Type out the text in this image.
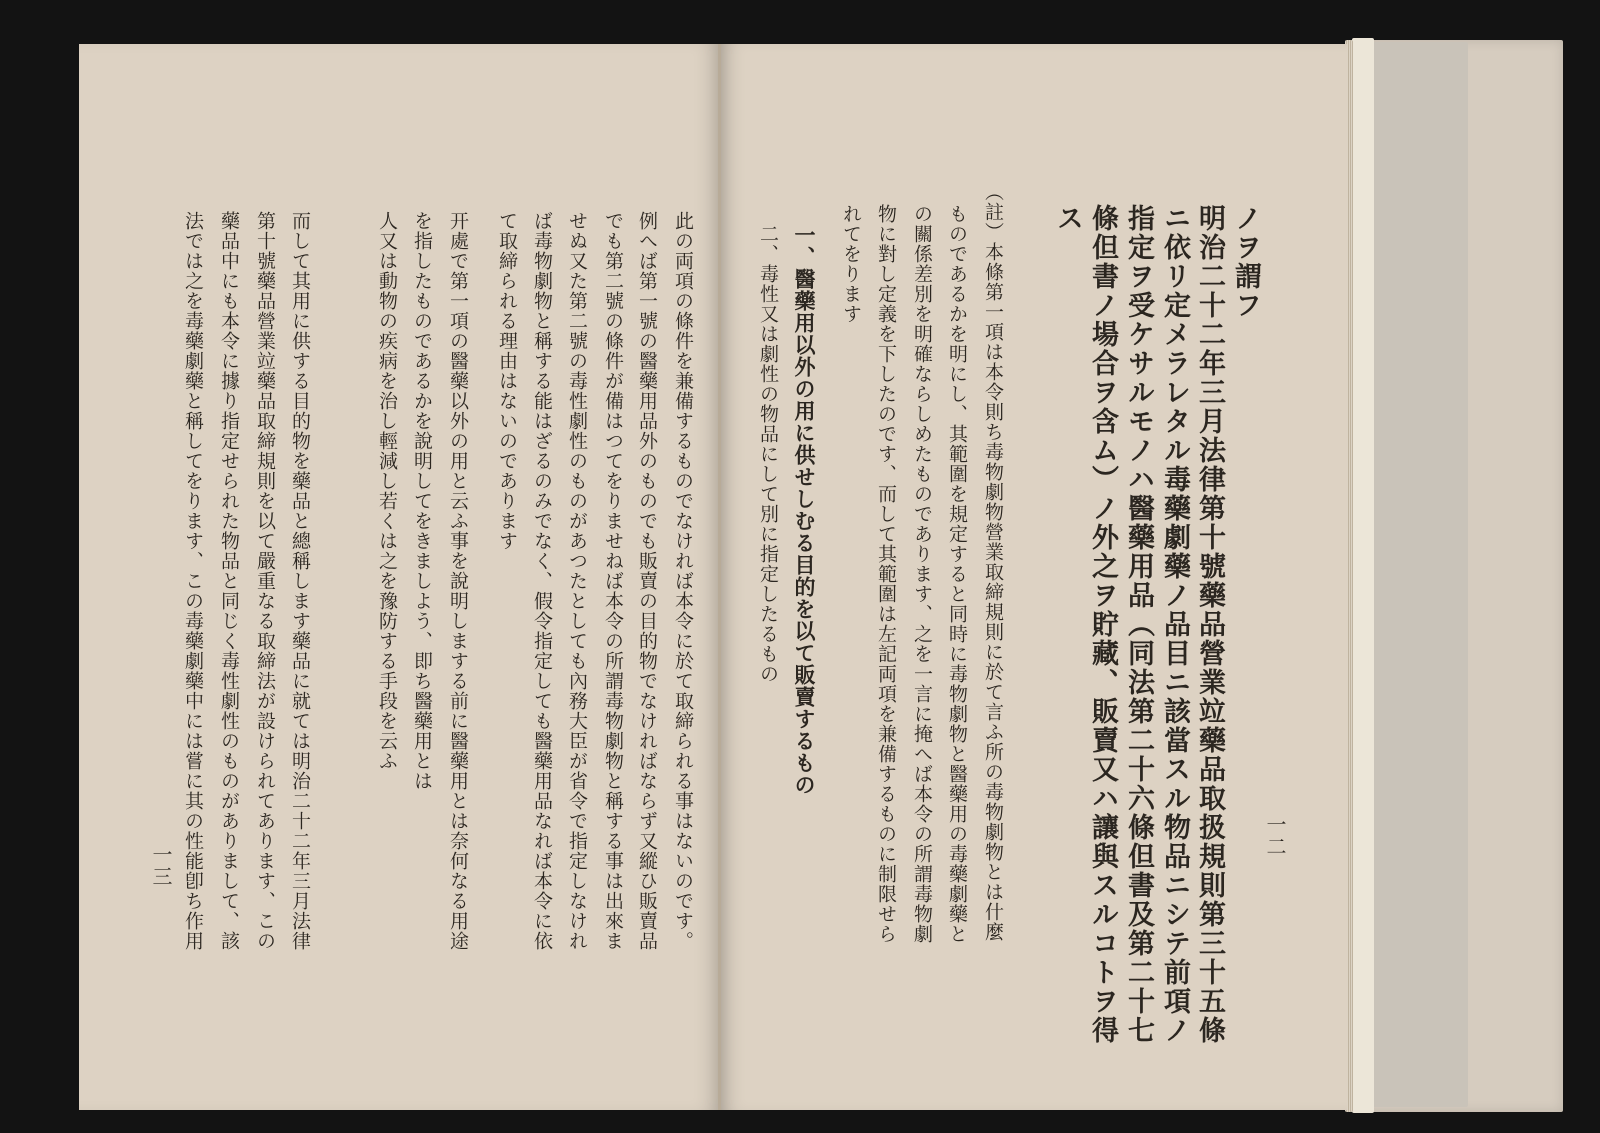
此の両項の條件を兼備するものでなければ本令に於て取締られる事はないのです。
例へば第一號の醫藥用品外のものでも販賣の目的物でなければならず又縱ひ販賣品
でも第二號の條件が備はつてをりませねば本令の所謂毒物劇物と稱する事は出來ま
せぬ又た第二號の毒性劇性のものがあつたとしても內務大臣が省令で指定しなけれ
ば毒物劇物と稱する能はざるのみでなく、假令指定しても醫藥用品なれば本令に依
て取締られる理由はないのであります
开處で第一項の醫藥以外の用と云ふ事を說明しまする前に醫藥用とは奈何なる用途
を指したものであるかを說明してをきましよう、即ち醫藥用とは
人又は動物の疾病を治し輕減し若くは之を豫防する手段を云ふ
而して其用に供する目的物を藥品と總稱します藥品に就ては明治二十二年三月法律
第十號藥品營業竝藥品取締規則を以て嚴重なる取締法が設けられてあります、この
藥品中にも本令に據り指定せられた物品と同じく毒性劇性のものがありまして、該
法では之を毒藥劇藥と稱してをります、この毒藥劇藥中には嘗に其の性能卽ち作用
一三
一二
ノヲ謂フ
明治二十二年三月法律第十號藥品營業竝藥品取扱規則第三十五條
ニ依リ定メラレタル毒藥劇藥ノ品目ニ該當スル物品ニシテ前項ノ
指定ヲ受ケサルモノハ醫藥用品（同法第二十六條但書及第二十七
條但書ノ場合ヲ含ム）ノ外之ヲ貯藏、販賣又ハ讓與スルコトヲ得
ス
（註）本條第一項は本令則ち毒物劇物營業取締規則に於て言ふ所の毒物劇物とは什麼
ものであるかを明にし、其範圍を規定すると同時に毒物劇物と醫藥用の毒藥劇藥と
の關係差別を明確ならしめたものであります、之を一言に掩へば本令の所謂毒物劇
物に對し定義を下したのです、而して其範圍は左記両項を兼備するものに制限せら
れてをります
一、醫藥用以外の用に供せしむる目的を以て販賣するもの
二、毒性又は劇性の物品にして別に指定したるもの
